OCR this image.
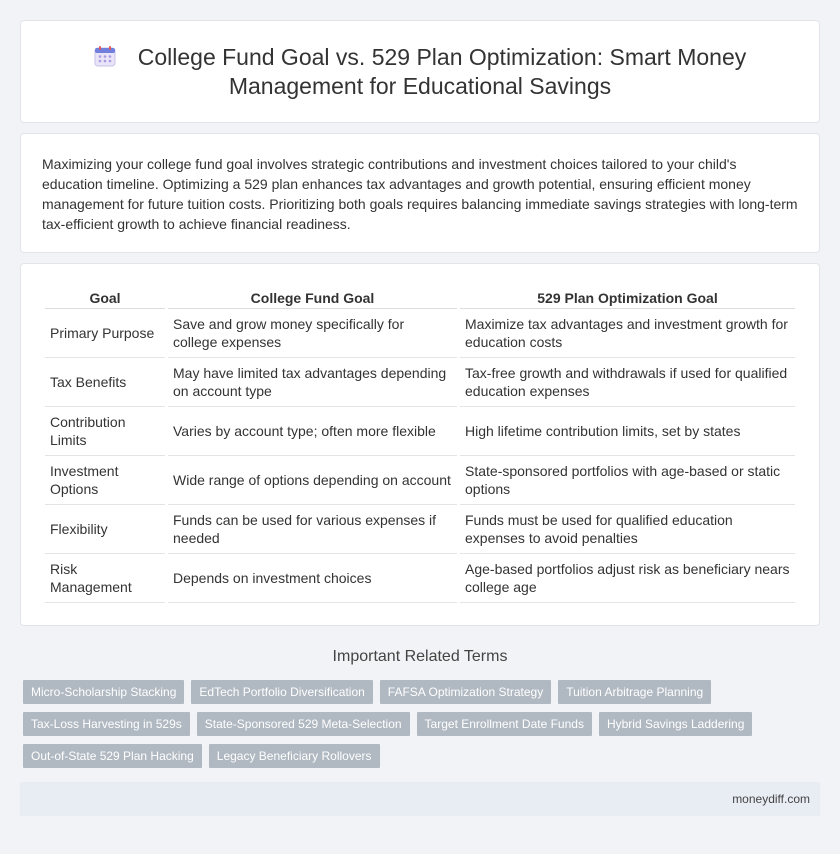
College Fund Goal vs. 529 Plan Optimization: Smart Money Management for Educational Savings

Maximizing your college fund goal involves strategic contributions and investment choices tailored to your child's education timeline. Optimizing a 529 plan enhances tax advantages and growth potential, ensuring efficient money management for future tuition costs. Prioritizing both goals requires balancing immediate savings strategies with long-term tax-efficient growth to achieve financial readiness.

Goal	College Fund Goal	529 Plan Optimization Goal
Primary Purpose	Save and grow money specifically for college expenses	Maximize tax advantages and investment growth for education costs
Tax Benefits	May have limited tax advantages depending on account type	Tax-free growth and withdrawals if used for qualified education expenses
Contribution Limits	Varies by account type; often more flexible	High lifetime contribution limits, set by states
Investment Options	Wide range of options depending on account	State-sponsored portfolios with age-based or static options
Flexibility	Funds can be used for various expenses if needed	Funds must be used for qualified education expenses to avoid penalties
Risk Management	Depends on investment choices	Age-based portfolios adjust risk as beneficiary nears college age
Important Related Terms
Micro-Scholarship Stacking	EdTech Portfolio Diversification	FAFSA Optimization Strategy	Tuition Arbitrage Planning
Tax-Loss Harvesting in 529s	State-Sponsored 529 Meta-Selection	Target Enrollment Date Funds	Hybrid Savings Laddering
Out-of-State 529 Plan Hacking	Legacy Beneficiary Rollovers
moneydiff.com
